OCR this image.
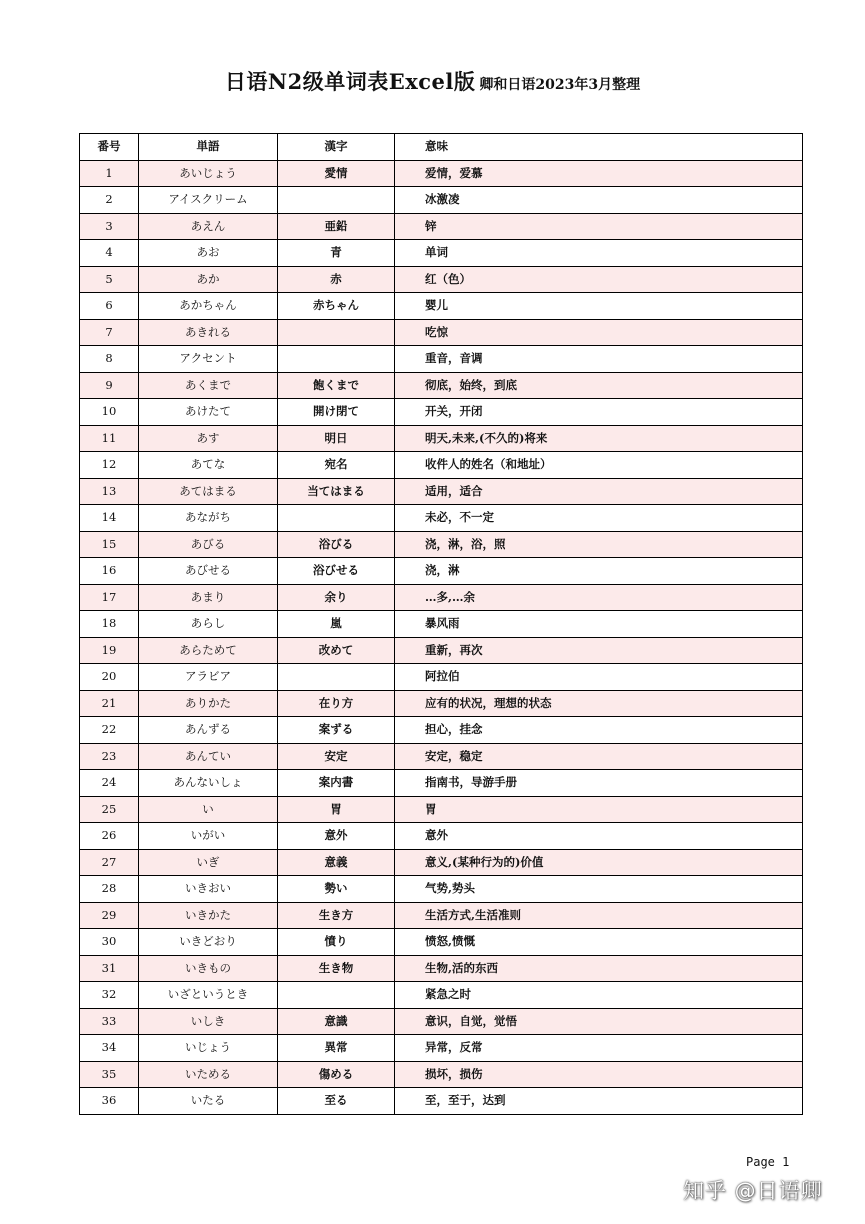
日语N2级单词表Excel版 卿和日语2023年3月整理
番号	単語	漢字	意味
1	あいじょう	愛情	爱情，爱慕
2	アイスクリーム		冰激凌
3	あえん	亜鉛	锌
4	あお	青	单词
5	あか	赤	红（色）
6	あかちゃん	赤ちゃん	婴儿
7	あきれる		吃惊
8	アクセント		重音，音调
9	あくまで	飽くまで	彻底，始终，到底
10	あけたて	開け閉て	开关，开闭
11	あす	明日	明天,未来,(不久的)将来
12	あてな	宛名	收件人的姓名（和地址）
13	あてはまる	当てはまる	适用，适合
14	あながち		未必，不一定
15	あびる	浴びる	浇，淋，浴，照
16	あびせる	浴びせる	浇，淋
17	あまり	余り	…多,…余
18	あらし	嵐	暴风雨
19	あらためて	改めて	重新，再次
20	アラビア		阿拉伯
21	ありかた	在り方	应有的状况，理想的状态
22	あんずる	案ずる	担心，挂念
23	あんてい	安定	安定，稳定
24	あんないしょ	案内書	指南书，导游手册
25	い	胃	胃
26	いがい	意外	意外
27	いぎ	意義	意义,(某种行为的)价值
28	いきおい	勢い	气势,势头
29	いきかた	生き方	生活方式,生活准则
30	いきどおり	憤り	愤怒,愤慨
31	いきもの	生き物	生物,活的东西
32	いざというとき		紧急之时
33	いしき	意識	意识，自觉，觉悟
34	いじょう	異常	异常，反常
35	いためる	傷める	损坏，损伤
36	いたる	至る	至，至于，达到
Page 1
知乎 @日语卿
